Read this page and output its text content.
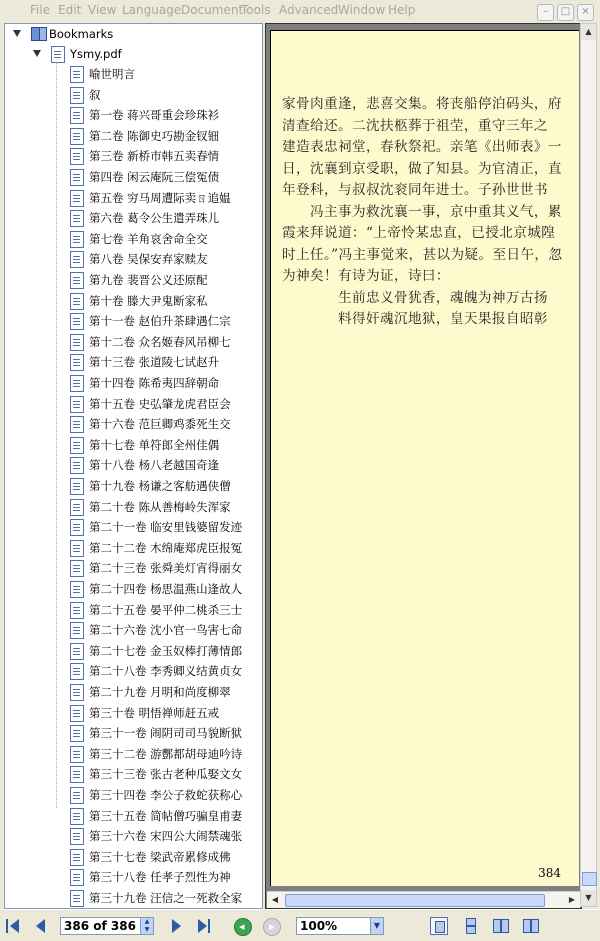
File Edit View Language Document
Tools Advanced Window Help	– □ ×
Bookmarks
Ysmy.pdf
喻世明言
叙
第一卷 蒋兴哥重会珍珠衫
第二卷 陈御史巧勘金钗钿
第三卷 新桥市韩五卖春情
第四卷 闲云庵阮三偿冤债
第五卷 穷马周遭际卖ㄖ追媪
第六卷 葛令公生遣弄珠儿
第七卷 羊角哀舍命全交
第八卷 吴保安弃家赎友
第九卷 裴晋公义还原配
第十卷 滕大尹鬼断家私
第十一卷 赵伯升茶肆遇仁宗
第十二卷 众名姬春风吊柳七
第十三卷 张道陵七试赵升
第十四卷 陈希夷四辞朝命
第十五卷 史弘肇龙虎君臣会
第十六卷 范巨卿鸡黍死生交
第十七卷 单符郎全州佳偶
第十八卷 杨八老越国奇逢
第十九卷 杨谦之客舫遇侠僧
第二十卷 陈从善梅岭失浑家
第二十一卷 临安里钱婆留发迹
第二十二卷 木绵庵郑虎臣报冤
第二十三卷 张舜美灯宵得丽女
第二十四卷 杨思温燕山逢故人
第二十五卷 晏平仲二桃杀三士
第二十六卷 沈小官一鸟害七命
第二十七卷 金玉奴棒打薄情郎
第二十八卷 李秀卿义结黄贞女
第二十九卷 月明和尚度柳翠
第三十卷 明悟禅师赶五戒
第三十一卷 闹阴司司马貌断狱
第三十二卷 游酆都胡母迪吟诗
第三十三卷 张古老种瓜娶文女
第三十四卷 李公子救蛇获称心
第三十五卷 简帖僧巧骗皇甫妻
第三十六卷 宋四公大闹禁魂张
第三十七卷 梁武帝累修成佛
第三十八卷 任孝子烈性为神
第三十九卷 汪信之一死救全家
家骨肉重逢，悲喜交集。将丧船停泊码头，府
清查给还。二沈扶柩葬于祖茔，重守三年之
建造表忠祠堂，春秋祭祀。亲笔《出师表》一
日，沈襄到京受职，做了知县。为官清正，直
年登科，与叔叔沈衮同年进士。子孙世世书
　　冯主事为救沈襄一事，京中重其义气，累
霞来拜说道：“上帝怜某忠直，已授北京城隍
时上任。”冯主事觉来，甚以为疑。至日午，忽
为神矣！有诗为证，诗曰：
　　　　生前忠义骨犹香，魂魄为神万古扬
　　　　料得奸魂沉地狱，皇天果报自昭彰
384
▲
▼
◀	▶
386 of 386	▲
▼	◂ ▸ 100%	▼
